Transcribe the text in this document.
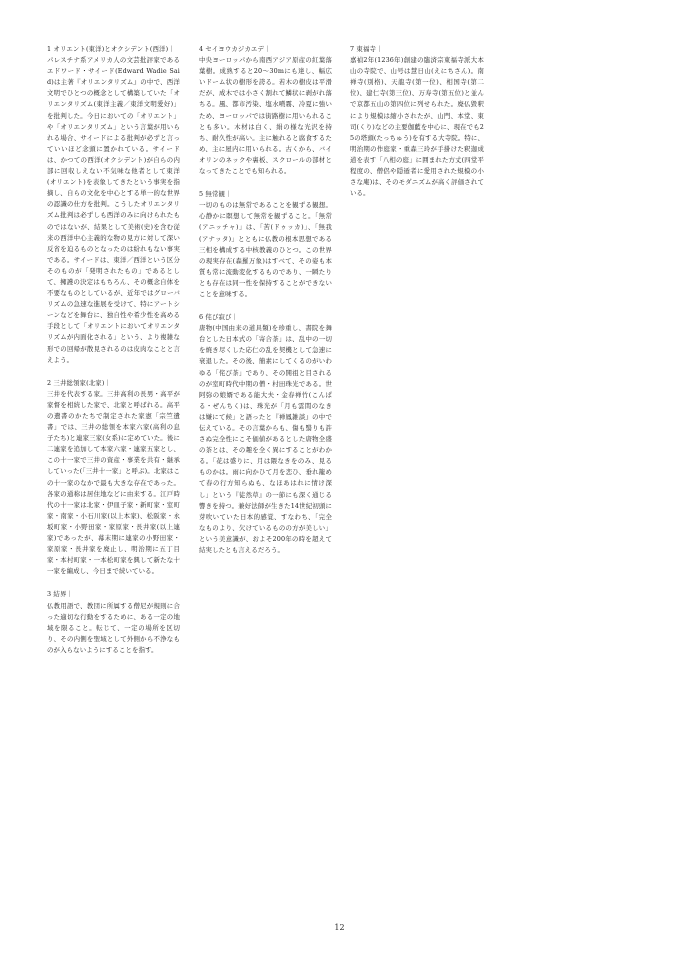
1 オリエント(東洋)とオクシデント(西洋)｜
パレスチナ系アメリカ人の文芸批評家であるエドワード・サイード(Edward Wadie Said)は主著『オリエンタリズム』の中で、西洋文明でひとつの概念として構築していた「オリエンタリズム(東洋主義／東洋文明愛好)」を批判した。今日においての「オリエント」や「オリエンタリズム」という言葉が用いられる場合、サイードによる批判が必ずと言っていいほど念頭に置かれている。サイードは、かつての西洋(オクシデント)が自らの内部に回収しえない不気味な他者として東洋(オリエント)を表象してきたという事実を指摘し、自らの文化を中心とする単一的な世界の認識の仕方を批判。こうしたオリエンタリズム批判は必ずしも西洋のみに向けられたものではないが、結果として美術(史)を含む従来の西洋中心主義的な物の見方に対して深い反省を迫るものとなったのは紛れもない事実である。サイードは、東洋／西洋という区分そのものが「発明されたもの」であるとして、擁護の決定はもちろん、その概念自体を不要なものとしているが、近年ではグローバリズムの急速な進展を受けて、特にアートシーンなどを舞台に、独自性や希少性を高める手段として「オリエントにおいてオリエンタリズムが内面化される」という、より複雑な形での回帰が散見されるのは皮肉なことと言えよう。
2 三井総領家(北家)｜
三井を代表する家。三井高利の長男・高平が家督を相続した家で、北家と呼ばれる。高平の遺書のかたちで制定された家憲「宗竺遺書」では、三井の総領を本家六家(高利の息子たち)と連家三家(女系)に定めていた。後に二連家を追加して本家六家・連家五家とし、この十一家で三井の資産・事業を共有・継承していった(「三井十一家」と呼ぶ)。北家はこの十一家のなかで最も大きな存在であった。各家の通称は居住地などに由来する。江戸時代の十一家は北家・伊皿子家・新町家・室町家・南家・小石川家(以上本家)、松阪家・永坂町家・小野田家・家原家・長井家(以上連家)であったが、幕末期に連家の小野田家・家原家・長井家を廃止し、明治期に五丁目家・本村町家・一本松町家を興して新たな十一家を編成し、今日まで続いている。
3 結界｜
仏教用語で、教団に所属する僧尼が規則に合った適切な行動をするために、ある一定の地域を限ること。転じて、一定の場所を区切り、その内側を聖域として外側から不浄なものが入らないようにすることを指す。
4 セイヨウカジカエデ｜
中央ヨーロッパから南西アジア原産の紅葉落葉樹。成熟すると20～30mにも達し、幅広いドーム状の樹形を誇る。若木の樹皮は平滑だが、成木では小さく割れて鱗状に剥がれ落ちる。風、都市汚染、塩水噴霧、冷夏に強いため、ヨーロッパでは街路樹に用いられることも多い。木材は白く、絹の様な光沢を持ち、耐久性が高い。主に触れると腐食するため、主に屋内に用いられる。古くから、バイオリンのネックや裏板、スクロールの部材となってきたことでも知られる。
5 無常観｜
一切のものは無常であることを観ずる観想。心静かに瞑想して無常を観ずること。「無常(アニッチャ)」は、「苦(ドゥッカ)」、「無我(アナッタ)」とともに仏教の根本思想である三相を構成する中核教義のひとつ。この世界の現実存在(森羅万象)はすべて、その姿も本質も常に流動変化するものであり、一瞬たりとも存在は同一性を保持することができないことを意味する。
6 侘び寂び｜
唐物(中国由来の道具類)を珍重し、書院を舞台とした日本式の「寄合茶」は、乱中の一切を焼き尽くした応仁の乱を契機として急速に衰退した。その後、簡素にしてくるのがいわゆる「侘び茶」であり、その開祖と目されるのが室町時代中期の僧・村田珠光である。世阿弥の娘婿である能大夫・金春禅竹(こんぱる・ぜんちく)は、珠光が「月も雲間のなきは嫌にて候」と語ったと『禅鳳雑談』の中で伝えている。その言葉からも、傷も翳りも許さぬ完全性にこそ価値があるとした唐物全盛の茶とは、その趣を全く異にすることがわかる。「花は盛りに、月は隈なきをのみ、見るものかは。雨に向かひて月を恋ひ、垂れ籠めて春の行方知らぬも、なほあはれに情け深し」という『徒然草』の一節にも深く通じる響きを持つ。兼好法師が生きた14世紀初頭に芽吹いていた日本的感覚、すなわち、「完全なものより、欠けているものの方が美しい」という美意識が、およそ200年の時を超えて結実したとも言えるだろう。
7 東福寺｜
嘉禎2年(1236年)創建の臨済宗東福寺派大本山の寺院で、山号は慧日山(えにちさん)。南禅寺(別格)、天龍寺(第一位)、相国寺(第二位)、建仁寺(第三位)、万寿寺(第五位)と並んで京都五山の第四位に列せられた。廃仏毀釈により規模は縮小されたが、山門、本堂、東司(くり)などの主要伽藍を中心に、現在でも25の塔頭(たっちゅう)を有する大寺院。特に、明治期の作庭家・重森三玲が手掛けた釈迦成道を表す「八相の庭」に囲まれた方丈(四堂平程度の、僧侶や隠遁者に愛用された規模の小さな庵)は、そのモダニズムが高く評価されている。
12
